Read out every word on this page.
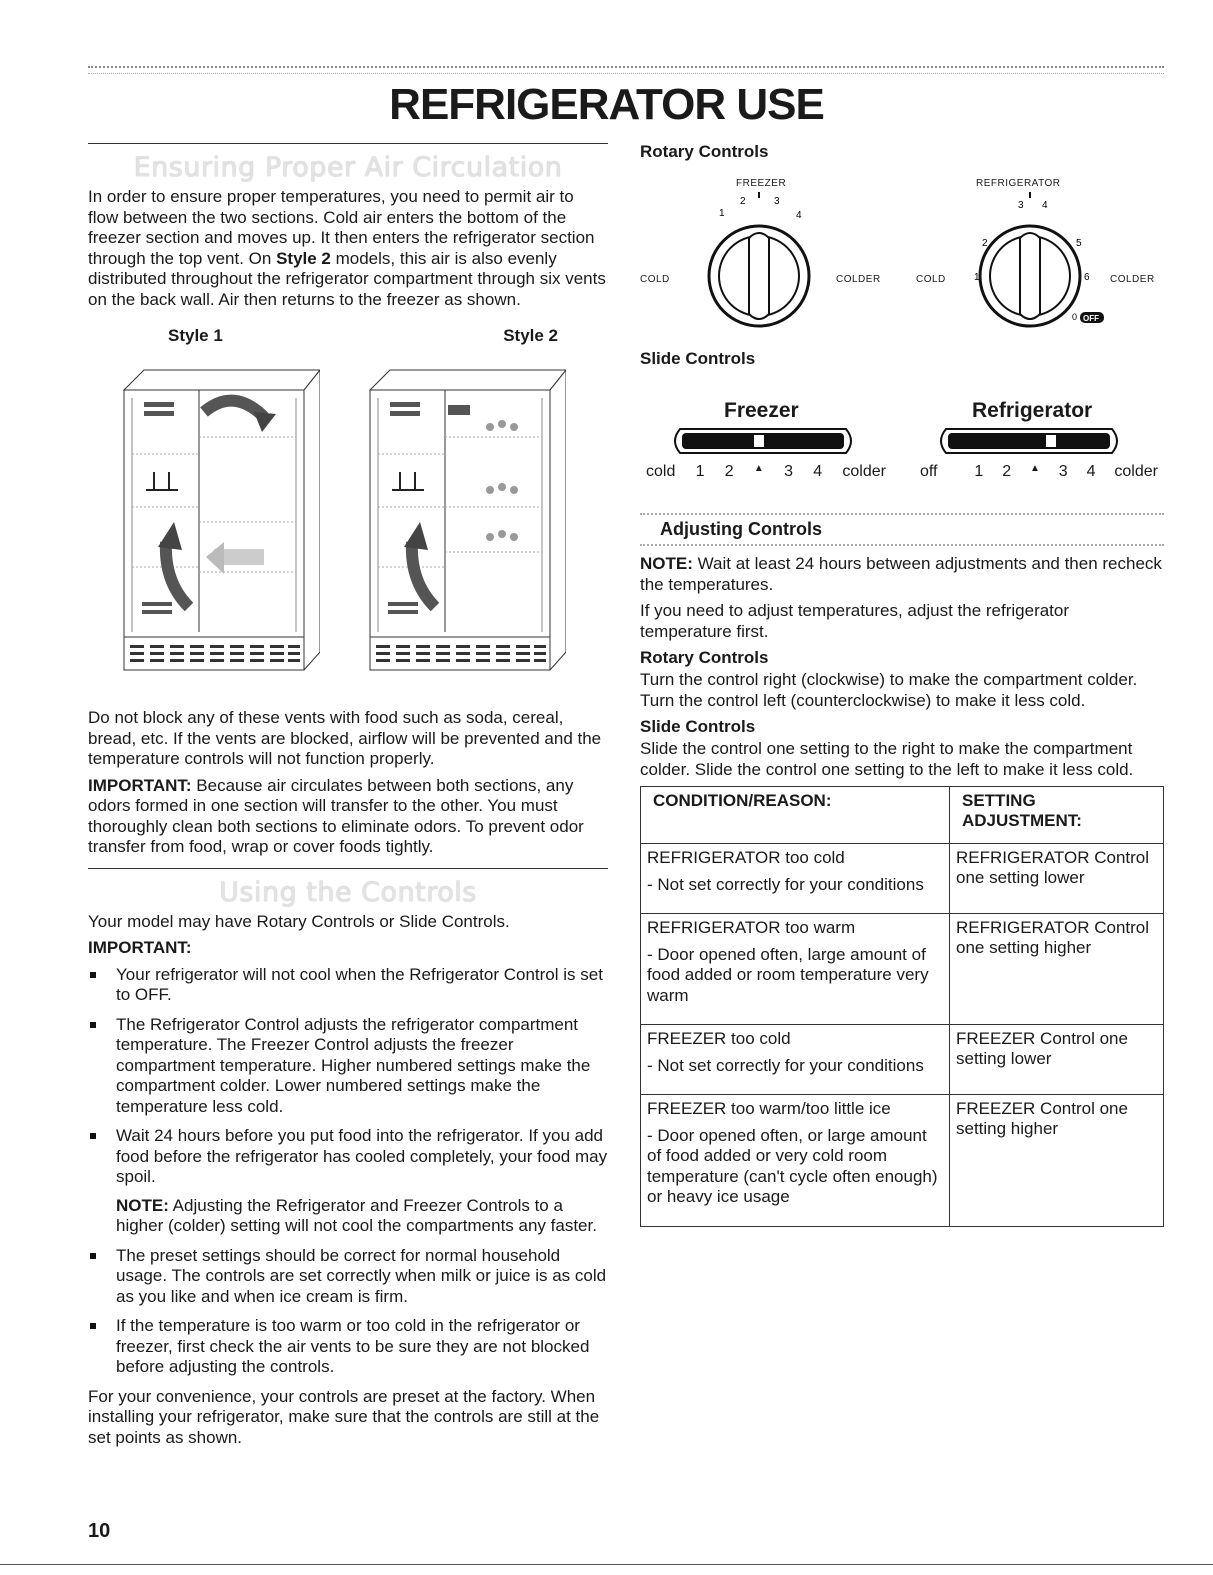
REFRIGERATOR USE
Ensuring Proper Air Circulation

In order to ensure proper temperatures, you need to permit air to flow between the two sections. Cold air enters the bottom of the freezer section and moves up. It then enters the refrigerator section through the top vent. On Style 2 models, this air is also evenly distributed throughout the refrigerator compartment through six vents on the back wall. Air then returns to the freezer as shown.

Style 1	Style 2

Do not block any of these vents with food such as soda, cereal, bread, etc. If the vents are blocked, airflow will be prevented and the temperature controls will not function properly.

IMPORTANT: Because air circulates between both sections, any odors formed in one section will transfer to the other. You must thoroughly clean both sections to eliminate odors. To prevent odor transfer from food, wrap or cover foods tightly.

Using the Controls

Your model may have Rotary Controls or Slide Controls.

IMPORTANT:

Your refrigerator will not cool when the Refrigerator Control is set to OFF.
The Refrigerator Control adjusts the refrigerator compartment temperature. The Freezer Control adjusts the freezer compartment temperature. Higher numbered settings make the compartment colder. Lower numbered settings make the temperature less cold.
Wait 24 hours before you put food into the refrigerator. If you add food before the refrigerator has cooled completely, your food may spoil.

NOTE: Adjusting the Refrigerator and Freezer Controls to a higher (colder) setting will not cool the compartments any faster.

The preset settings should be correct for normal household usage. The controls are set correctly when milk or juice is as cold as you like and when ice cream is firm.
If the temperature is too warm or too cold in the refrigerator or freezer, first check the air vents to be sure they are not blocked before adjusting the controls.

For your convenience, your controls are preset at the factory. When installing your refrigerator, make sure that the controls are still at the set points as shown.

Rotary Controls
FREEZER
COLD	COLDER
1
2	3
4
REFRIGERATOR
COLD	COLDER
1
2
3 4
5
6
0 OFF
Slide Controls
Freezer
cold 1 2 ▲ 3 4 colder
Refrigerator
off 1 2 ▲ 3 4 colder
Adjusting Controls

NOTE: Wait at least 24 hours between adjustments and then recheck the temperatures.

If you need to adjust temperatures, adjust the refrigerator temperature first.

Rotary Controls

Turn the control right (clockwise) to make the compartment colder. Turn the control left (counterclockwise) to make it less cold.

Slide Controls

Slide the control one setting to the right to make the compartment colder. Slide the control one setting to the left to make it less cold.

CONDITION/REASON:	SETTING ADJUSTMENT:

REFRIGERATOR too cold

- Not set correctly for your conditions	REFRIGERATOR Control one setting lower

REFRIGERATOR too warm

- Door opened often, large amount of food added or room temperature very warm	REFRIGERATOR Control one setting higher

FREEZER too cold

- Not set correctly for your conditions	FREEZER Control one setting lower

FREEZER too warm/too little ice

- Door opened often, or large amount of food added or very cold room temperature (can't cycle often enough) or heavy ice usage	FREEZER Control one setting higher
10
